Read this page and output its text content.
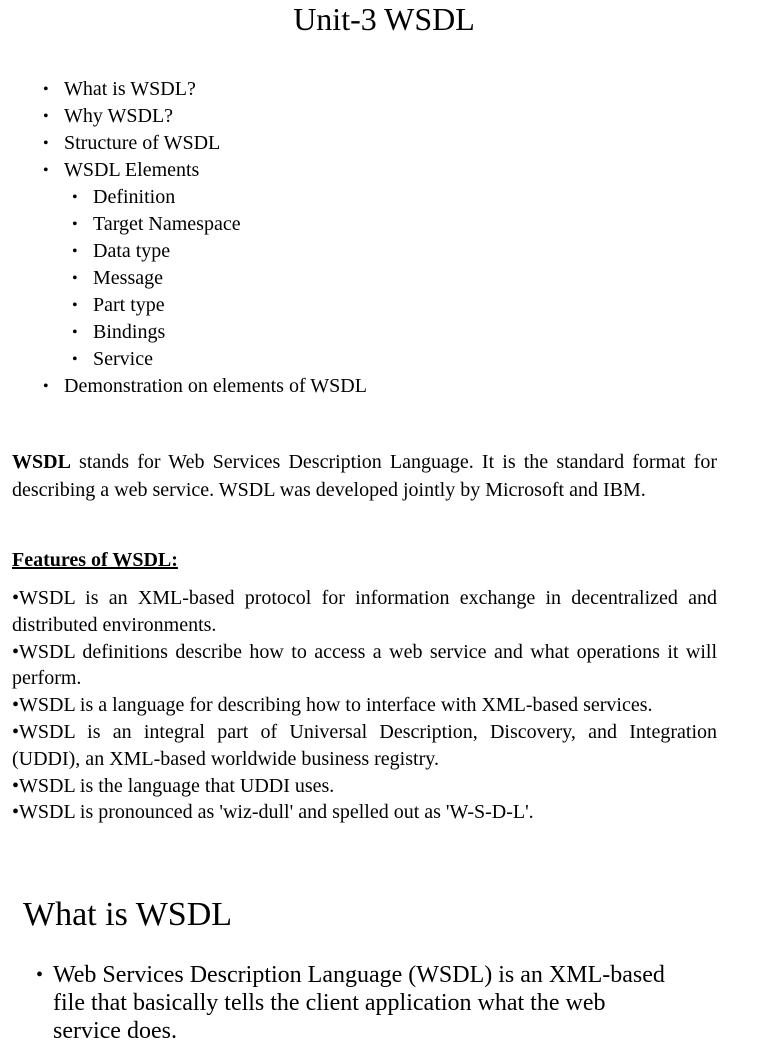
Unit-3 WSDL
• What is WSDL?
• Why WSDL?
• Structure of WSDL
• WSDL Elements
• Definition
• Target Namespace
• Data type
• Message
• Part type
• Bindings
• Service
• Demonstration on elements of WSDL

WSDL stands for Web Services Description Language. It is the standard format for describing a web service. WSDL was developed jointly by Microsoft and IBM.

Features of WSDL:

•WSDL is an XML-based protocol for information exchange in decentralized and distributed environments.

•WSDL definitions describe how to access a web service and what operations it will perform.

•WSDL is a language for describing how to interface with XML-based services.

•WSDL is an integral part of Universal Description, Discovery, and Integration (UDDI), an XML-based worldwide business registry.

•WSDL is the language that UDDI uses.

•WSDL is pronounced as 'wiz-dull' and spelled out as 'W-S-D-L'.

What is WSDL
• Web Services Description Language (WSDL) is an XML-based file that basically tells the client application what the web service does.
